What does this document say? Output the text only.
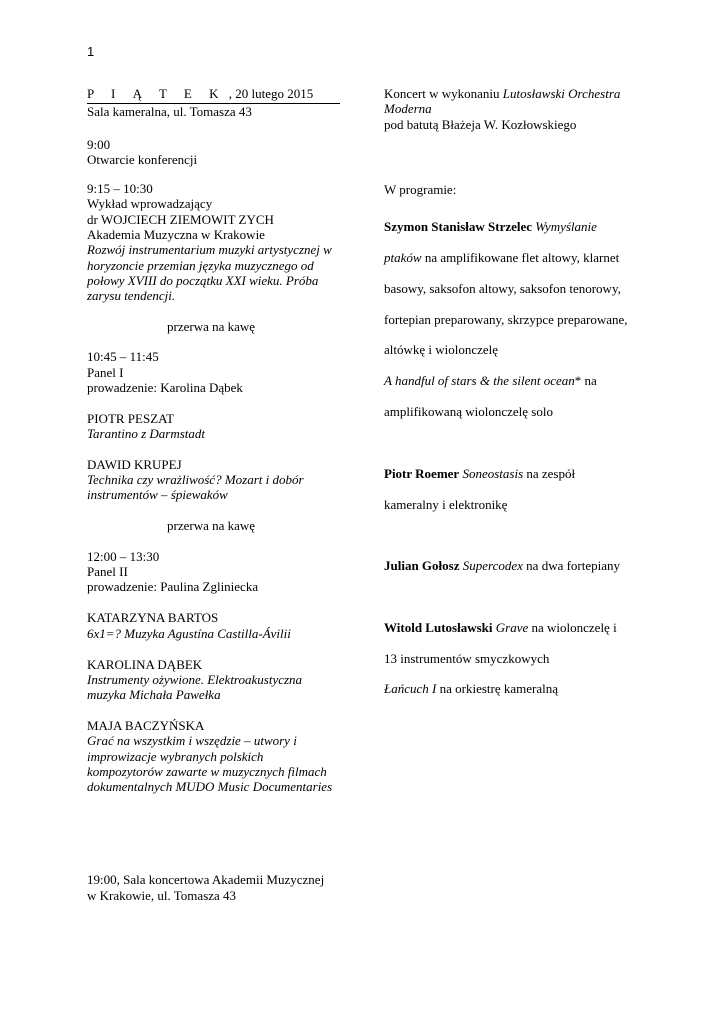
1
P I Ą T E K , 20 lutego 2015
Sala kameralna, ul. Tomasza 43
9:00
Otwarcie konferencji
9:15 – 10:30
Wykład wprowadzający
dr WOJCIECH ZIEMOWIT ZYCH
Akademia Muzyczna w Krakowie
Rozwój instrumentarium muzyki artystycznej w
horyzoncie przemian języka muzycznego od
połowy XVIII do początku XXI wieku. Próba
zarysu tendencji.
przerwa na kawę
10:45 – 11:45
Panel I
prowadzenie: Karolina Dąbek
PIOTR PESZAT
Tarantino z Darmstadt
DAWID KRUPEJ
Technika czy wrażliwość? Mozart i dobór
instrumentów – śpiewaków
przerwa na kawę
12:00 – 13:30
Panel II
prowadzenie: Paulina Zgliniecka
KATARZYNA BARTOS
6x1=? Muzyka Agustína Castilla-Ávilii
KAROLINA DĄBEK
Instrumenty ożywione. Elektroakustyczna
muzyka Michała Pawełka
MAJA BACZYŃSKA
Grać na wszystkim i wszędzie – utwory i
improwizacje wybranych polskich
kompozytorów zawarte w muzycznych filmach
dokumentalnych MUDO Music Documentaries
19:00, Sala koncertowa Akademii Muzycznej
w Krakowie, ul. Tomasza 43
Koncert w wykonaniu Lutosławski Orchestra
Moderna
pod batutą Błażeja W. Kozłowskiego
W programie:
Szymon Stanisław Strzelec Wymyślanie
ptaków na amplifikowane flet altowy, klarnet
basowy, saksofon altowy, saksofon tenorowy,
fortepian preparowany, skrzypce preparowane,
altówkę i wiolonczelę
A handful of stars & the silent ocean* na
amplifikowaną wiolonczelę solo
Piotr Roemer Soneostasis na zespół
kameralny i elektronikę
Julian Gołosz Supercodex na dwa fortepiany
Witold Lutosławski Grave na wiolonczelę i
13 instrumentów smyczkowych
Łańcuch I na orkiestrę kameralną
